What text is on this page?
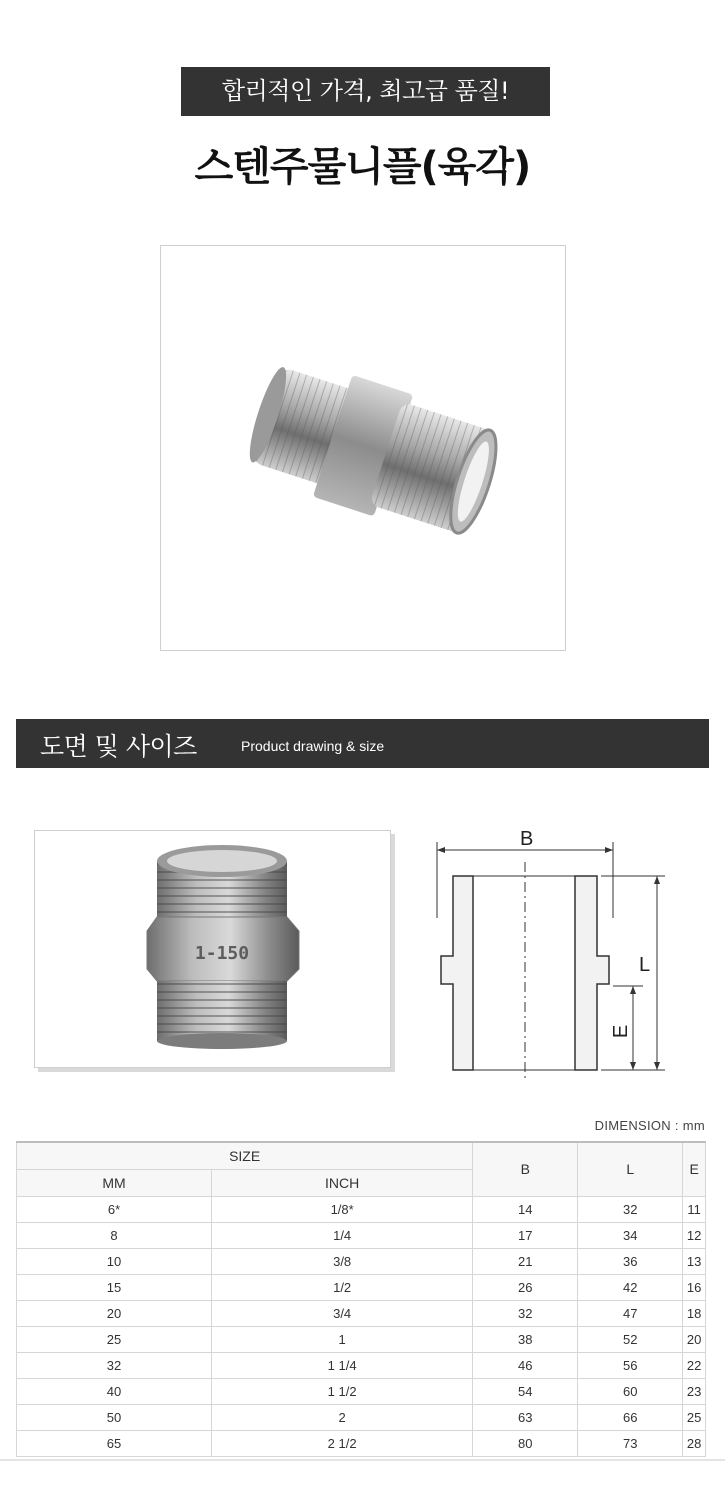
합리적인 가격, 최고급 품질!
스텐주물니플(육각)
도면 및 사이즈	Product drawing & size
1-150
B
L
E
DIMENSION : mm
SIZE		B	L	E
MM	INCH			
6*	1/8*	14	32	11
8	1/4	17	34	12
10	3/8	21	36	13
15	1/2	26	42	16
20	3/4	32	47	18
25	1	38	52	20
32	1 1/4	46	56	22
40	1 1/2	54	60	23
50	2	63	66	25
65	2 1/2	80	73	28
